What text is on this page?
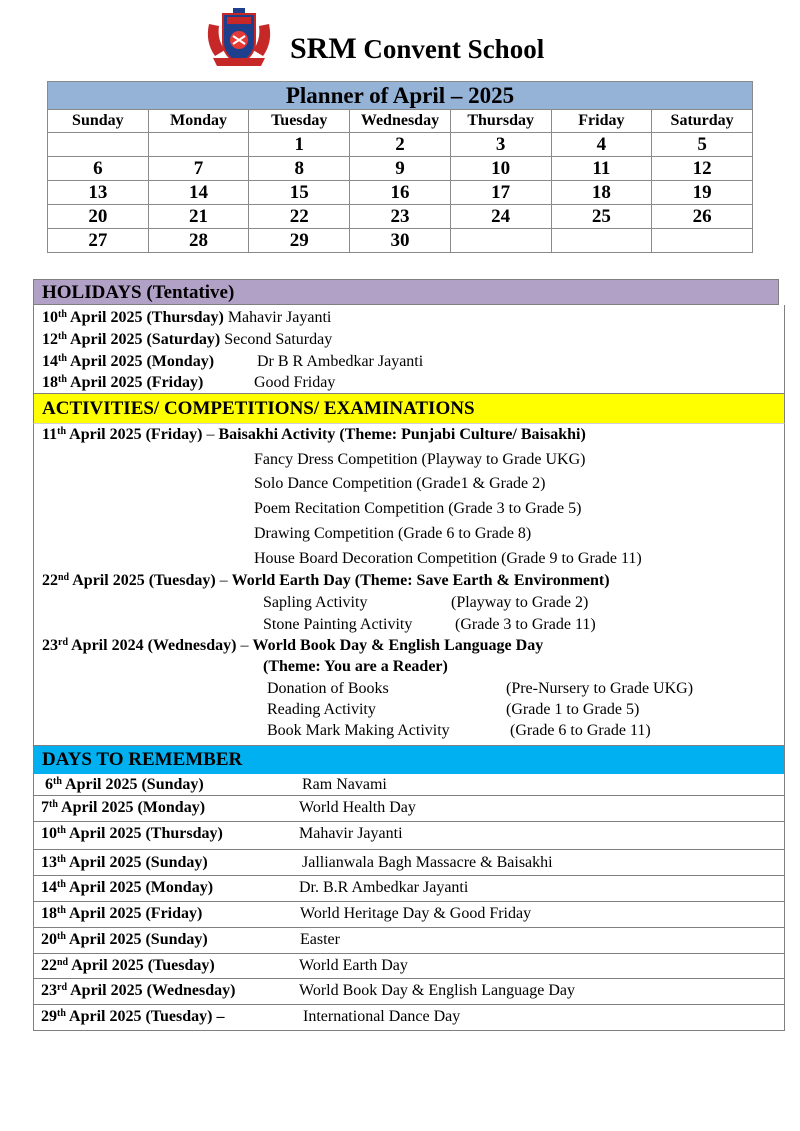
SRM Convent School
Planner of April – 2025						
Sunday	Monday	Tuesday	Wednesday	Thursday	Friday	Saturday
		1	2	3	4	5
6	7	8	9	10	11	12
13	14	15	16	17	18	19
20	21	22	23	24	25	26
27	28	29	30			
HOLIDAYS (Tentative)
10th April 2025 (Thursday) Mahavir Jayanti
12th April 2025 (Saturday) Second Saturday
14th April 2025 (Monday)	Dr B R Ambedkar Jayanti
18th April 2025 (Friday)	Good Friday
ACTIVITIES/ COMPETITIONS/ EXAMINATIONS
11th April 2025 (Friday) – Baisakhi Activity (Theme: Punjabi Culture/ Baisakhi)
Fancy Dress Competition (Playway to Grade UKG)
Solo Dance Competition (Grade1 & Grade 2)
Poem Recitation Competition (Grade 3 to Grade 5)
Drawing Competition (Grade 6 to Grade 8)
House Board Decoration Competition (Grade 9 to Grade 11)
22nd April 2025 (Tuesday) – World Earth Day (Theme: Save Earth & Environment)
Sapling Activity	(Playway to Grade 2)
Stone Painting Activity	(Grade 3 to Grade 11)
23rd April 2024 (Wednesday) – World Book Day & English Language Day
(Theme: You are a Reader)
Donation of Books	(Pre-Nursery to Grade UKG)
Reading Activity	(Grade 1 to Grade 5)
Book Mark Making Activity	(Grade 6 to Grade 11)
DAYS TO REMEMBER
6th April 2025 (Sunday)	Ram Navami
7th April 2025 (Monday)	World Health Day
10th April 2025 (Thursday)	Mahavir Jayanti
13th April 2025 (Sunday)	Jallianwala Bagh Massacre & Baisakhi
14th April 2025 (Monday)	Dr. B.R Ambedkar Jayanti
18th April 2025 (Friday)	World Heritage Day & Good Friday
20th April 2025 (Sunday)	Easter
22nd April 2025 (Tuesday)	World Earth Day
23rd April 2025 (Wednesday)	World Book Day & English Language Day
29th April 2025 (Tuesday) –	International Dance Day
